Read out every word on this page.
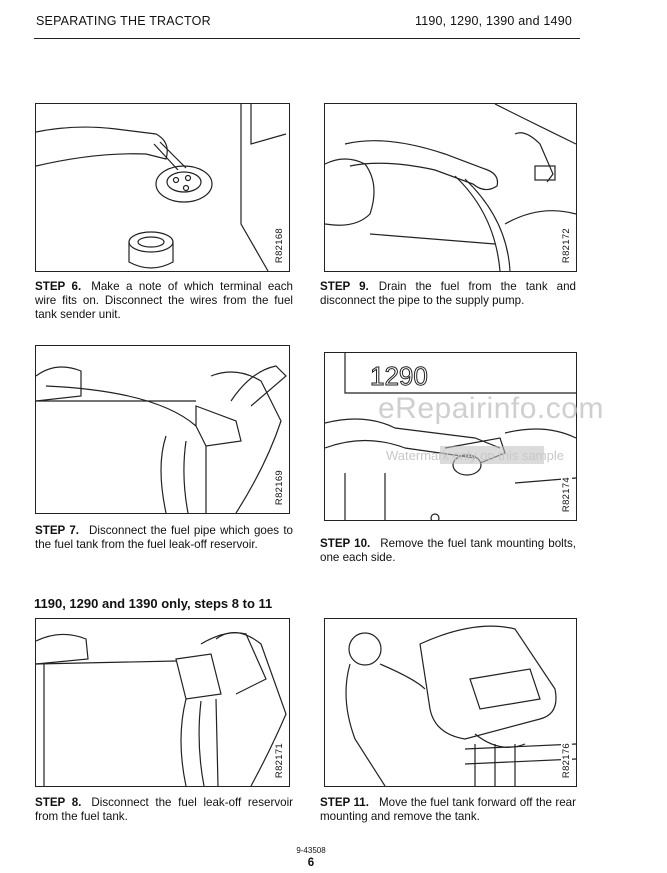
SEPARATING THE TRACTOR	1190, 1290, 1390 and 1490
R82168
STEP 6. Make a note of which terminal each wire fits on. Disconnect the wires from the fuel tank sender unit.
R82172
STEP 9. Drain the fuel from the tank and disconnect the pipe to the supply pump.
R82169
STEP 7. Disconnect the fuel pipe which goes to the fuel tank from the fuel leak-off reservoir.
1290
R82174
STEP 10. Remove the fuel tank mounting bolts, one each side.
1190, 1290 and 1390 only, steps 8 to 11
R82171
STEP 8. Disconnect the fuel leak-off reservoir from the fuel tank.
R82176
STEP 11. Move the fuel tank forward off the rear mounting and remove the tank.
eRepairinfo.com
Watermark only on this sample
9-43508
6
